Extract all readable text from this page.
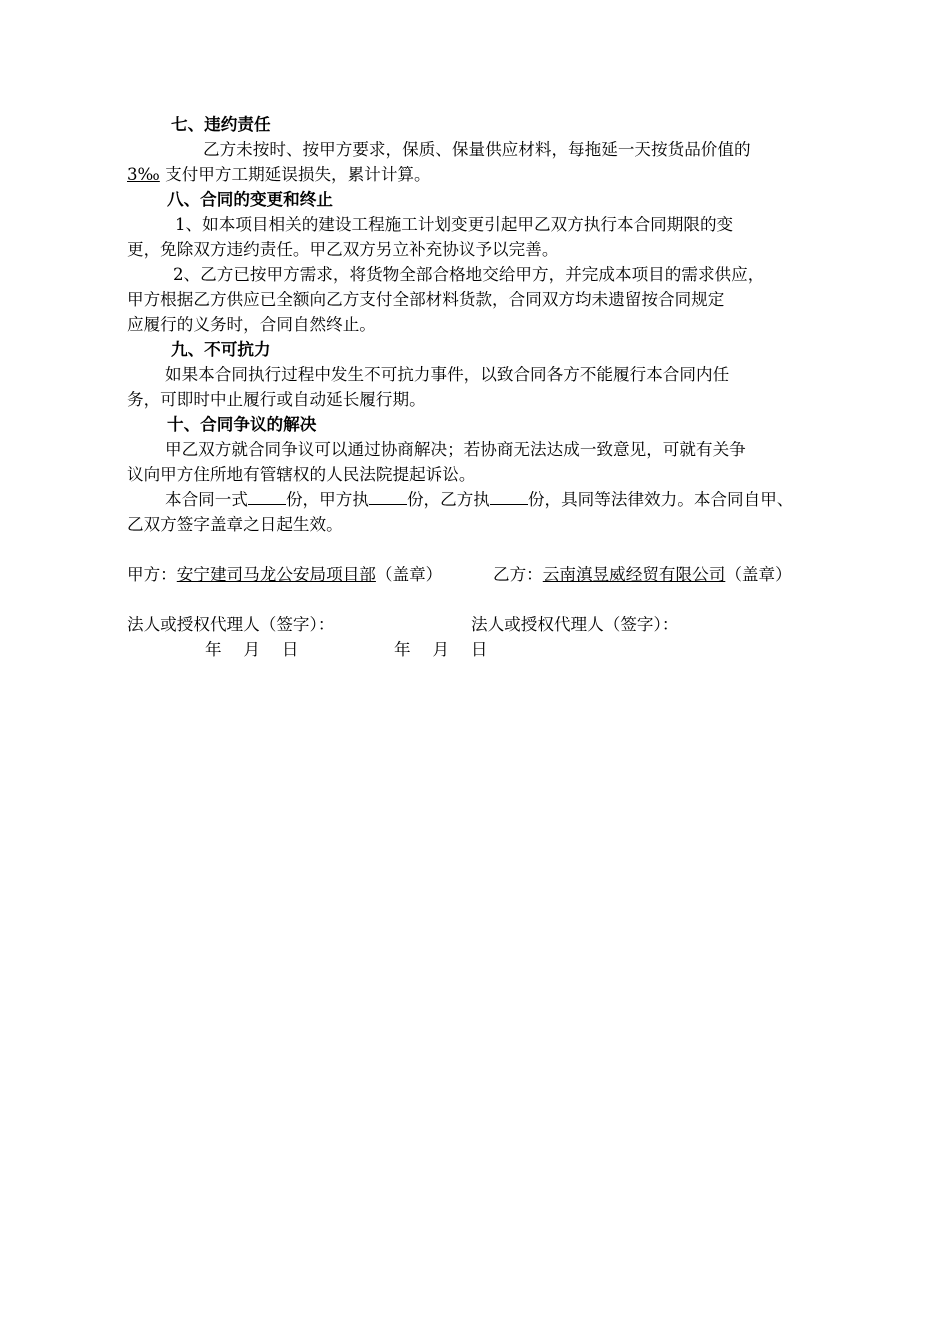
七、违约责任
乙方未按时、按甲方要求，保质、保量供应材料，每拖延一天按货品价值的
3‰ 支付甲方工期延误损失，累计计算。
八、合同的变更和终止
1、如本项目相关的建设工程施工计划变更引起甲乙双方执行本合同期限的变
更，免除双方违约责任。甲乙双方另立补充协议予以完善。
2、乙方已按甲方需求，将货物全部合格地交给甲方，并完成本项目的需求供应，
甲方根据乙方供应已全额向乙方支付全部材料货款，合同双方均未遗留按合同规定
应履行的义务时，合同自然终止。
九、不可抗力
如果本合同执行过程中发生不可抗力事件，以致合同各方不能履行本合同内任
务，可即时中止履行或自动延长履行期。
十、合同争议的解决
甲乙双方就合同争议可以通过协商解决；若协商无法达成一致意见，可就有关争
议向甲方住所地有管辖权的人民法院提起诉讼。
本合同一式 份，甲方执 份，乙方执 份，具同等法律效力。本合同自甲、
乙双方签字盖章之日起生效。
甲方：安宁建司马龙公安局项目部（盖章）	乙方：云南滇昱威经贸有限公司（盖章）
法人或授权代理人（签字）：	法人或授权代理人（签字）：
年　 月　 日	年　 月　 日
